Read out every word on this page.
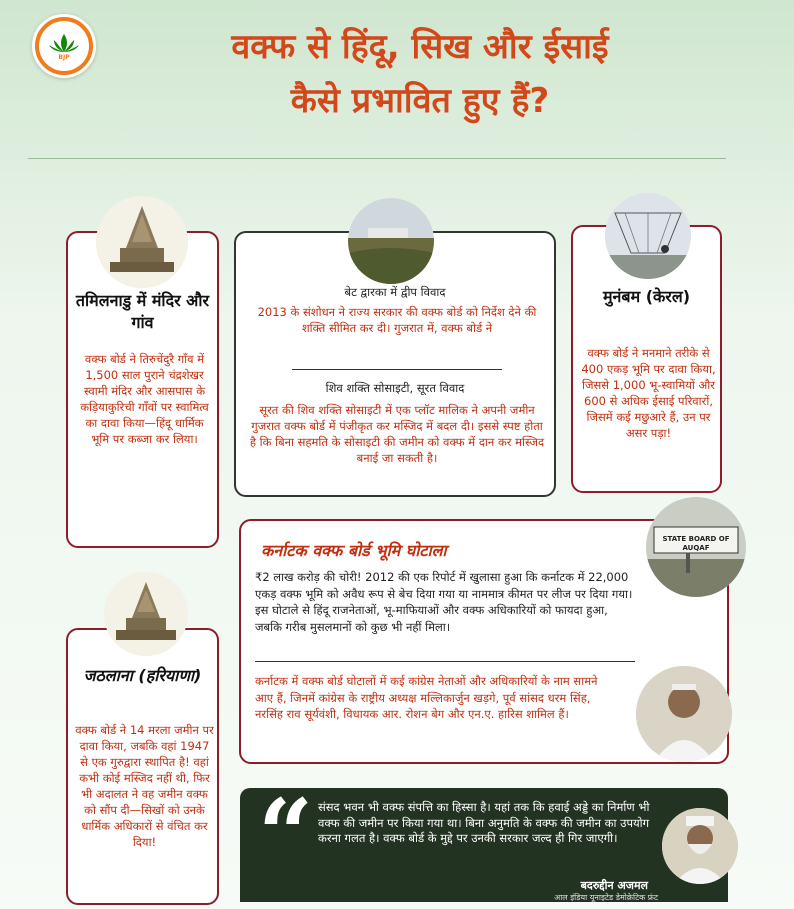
BJP	वक्फ से हिंदू, सिख और ईसाई
कैसे प्रभावित हुए हैं?
तमिलनाडु में मंदिर और गांव
वक्फ बोर्ड ने तिरुचेंदुरै गाँव में 1,500 साल पुराने चंद्रशेखर स्वामी मंदिर और आसपास के कड़ियाकुरिची गाँवों पर स्वामित्व का दावा किया—हिंदू धार्मिक भूमि पर कब्जा कर लिया।
बेट द्वारका में द्वीप विवाद
2013 के संशोधन ने राज्य सरकार की वक्फ बोर्ड को निर्देश देने की शक्ति सीमित कर दी। गुजरात में, वक्फ बोर्ड ने
शिव शक्ति सोसाइटी, सूरत विवाद
सूरत की शिव शक्ति सोसाइटी में एक प्लॉट मालिक ने अपनी जमीन गुजरात वक्फ बोर्ड में पंजीकृत कर मस्जिद में बदल दी। इससे स्पष्ट होता है कि बिना सहमति के सोसाइटी की जमीन को वक्फ में दान कर मस्जिद बनाई जा सकती है।
मुनंबम (केरल)
वक्फ बोर्ड ने मनमाने तरीके से 400 एकड़ भूमि पर दावा किया, जिससे 1,000 भू-स्वामियों और 600 से अधिक ईसाई परिवारों, जिसमें कई मछुआरे हैं, उन पर असर पड़ा!
कर्नाटक वक्फ बोर्ड भूमि घोटाला
₹2 लाख करोड़ की चोरी! 2012 की एक रिपोर्ट में खुलासा हुआ कि कर्नाटक में 22,000 एकड़ वक्फ भूमि को अवैध रूप से बेच दिया गया या नाममात्र कीमत पर लीज पर दिया गया। इस घोटाले से हिंदू राजनेताओं, भू-माफियाओं और वक्फ अधिकारियों को फायदा हुआ, जबकि गरीब मुसलमानों को कुछ भी नहीं मिला।
कर्नाटक में वक्फ बोर्ड घोटालों में कई कांग्रेस नेताओं और अधिकारियों के नाम सामने आए हैं, जिनमें कांग्रेस के राष्ट्रीय अध्यक्ष मल्लिकार्जुन खड़गे, पूर्व सांसद धरम सिंह, नरसिंह राव सूर्यवंशी, विधायक आर. रोशन बेग और एन.ए. हारिस शामिल हैं।
STATE BOARD OF AUQAF
जठलाना (हरियाणा)
वक्फ बोर्ड ने 14 मरला जमीन पर दावा किया, जबकि वहां 1947 से एक गुरुद्वारा स्थापित है! वहां कभी कोई मस्जिद नहीं थी, फिर भी अदालत ने वह जमीन वक्फ को सौंप दी—सिखों को उनके धार्मिक अधिकारों से वंचित कर दिया!	“ संसद भवन भी वक्फ संपत्ति का हिस्सा है। यहां तक कि हवाई अड्डे का निर्माण भी वक्फ की जमीन पर किया गया था। बिना अनुमति के वक्फ की जमीन का उपयोग करना गलत है। वक्फ बोर्ड के मुद्दे पर उनकी सरकार जल्द ही गिर जाएगी।
बदरुद्दीन अजमल
आल इंडिया यूनाइटेड डेमोक्रेटिक फ्रंट
